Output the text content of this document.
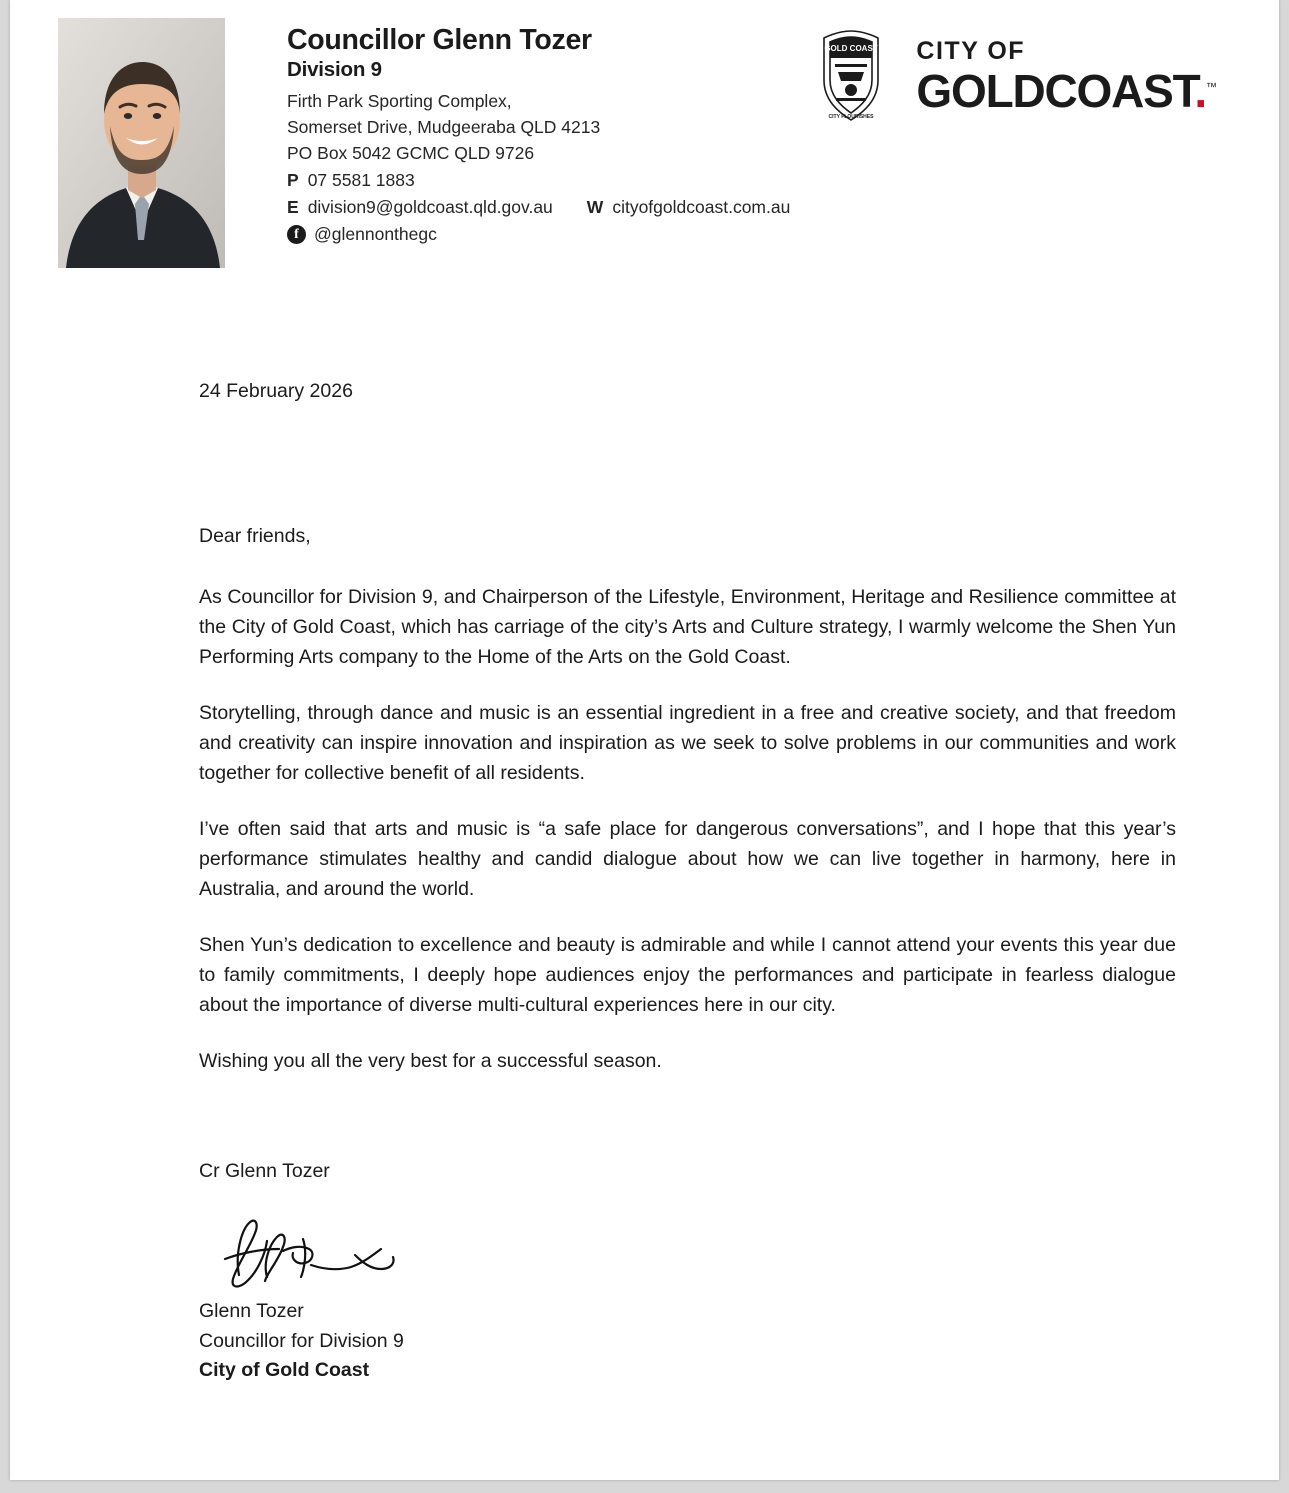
Councillor Glenn Tozer
Division 9
Firth Park Sporting Complex,
Somerset Drive, Mudgeeraba QLD 4213
PO Box 5042 GCMC QLD 9726
P 07 5581 1883
E division9@goldcoast.qld.gov.au W cityofgoldcoast.com.au
f @glennonthegc
GOLD COAST
CITY FLOURISHES
CITY OF
GOLDCOAST.™
24 February 2026
Dear friends,

As Councillor for Division 9, and Chairperson of the Lifestyle, Environment, Heritage and Resilience committee at the City of Gold Coast, which has carriage of the city’s Arts and Culture strategy, I warmly welcome the Shen Yun Performing Arts company to the Home of the Arts on the Gold Coast.

Storytelling, through dance and music is an essential ingredient in a free and creative society, and that freedom and creativity can inspire innovation and inspiration as we seek to solve problems in our communities and work together for collective benefit of all residents.

I’ve often said that arts and music is “a safe place for dangerous conversations”, and I hope that this year’s performance stimulates healthy and candid dialogue about how we can live together in harmony, here in Australia, and around the world.

Shen Yun’s dedication to excellence and beauty is admirable and while I cannot attend your events this year due to family commitments, I deeply hope audiences enjoy the performances and participate in fearless dialogue about the importance of diverse multi-cultural experiences here in our city.

Wishing you all the very best for a successful season.

Cr Glenn Tozer
Glenn Tozer
Councillor for Division 9
City of Gold Coast
